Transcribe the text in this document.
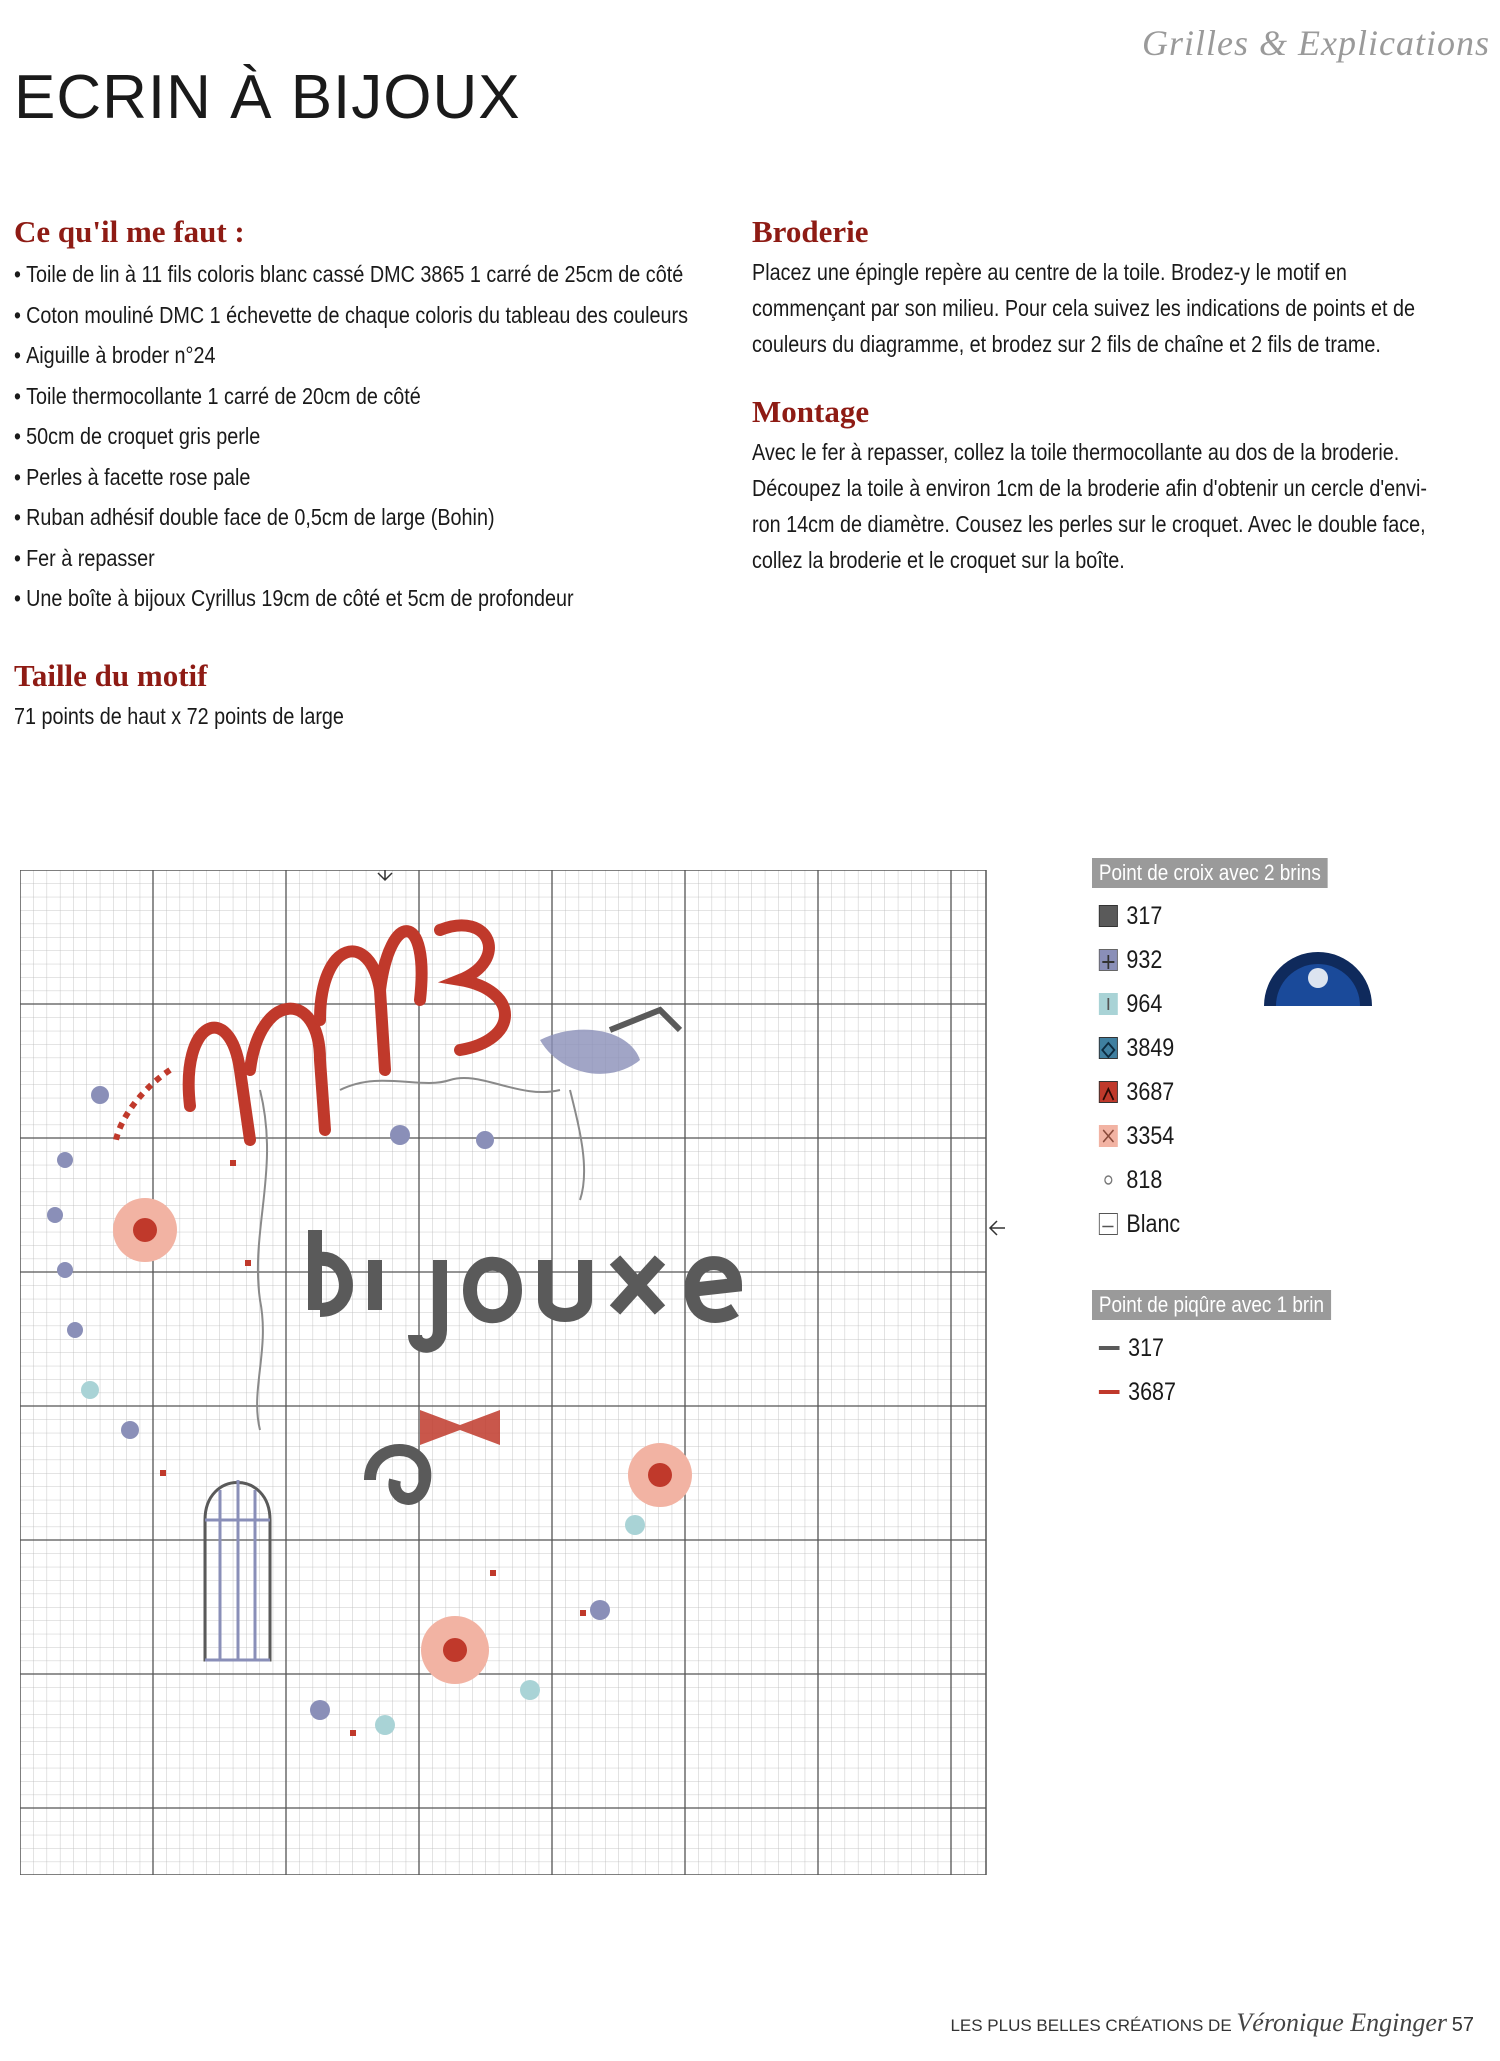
Grilles & Explications
ECRIN À BIJOUX
Ce qu'il me faut :
• Toile de lin à 11 fils coloris blanc cassé DMC 3865 1 carré de 25cm de côté
• Coton mouliné DMC 1 échevette de chaque coloris du tableau des couleurs
• Aiguille à broder n°24
• Toile thermocollante 1 carré de 20cm de côté
• 50cm de croquet gris perle
• Perles à facette rose pale
• Ruban adhésif double face de 0,5cm de large (Bohin)
• Fer à repasser
• Une boîte à bijoux Cyrillus 19cm de côté et 5cm de profondeur
Taille du motif

71 points de haut x 72 points de large

Broderie
Placez une épingle repère au centre de la toile. Brodez-y le motif en
commençant par son milieu. Pour cela suivez les indications de points et de
couleurs du diagramme, et brodez sur 2 fils de chaîne et 2 fils de trame.
Montage
Avec le fer à repasser, collez la toile thermocollante au dos de la broderie.
Découpez la toile à environ 1cm de la broderie afin d'obtenir un cercle d'envi-
ron 14cm de diamètre. Cousez les perles sur le croquet. Avec le double face,
collez la broderie et le croquet sur la boîte.
Point de croix avec 2 brins
317
932
964
3849
3687
3354
818
Blanc
Point de piqûre avec 1 brin
317
3687
LES PLUS BELLES CRÉATIONS DE Véronique Enginger 57
